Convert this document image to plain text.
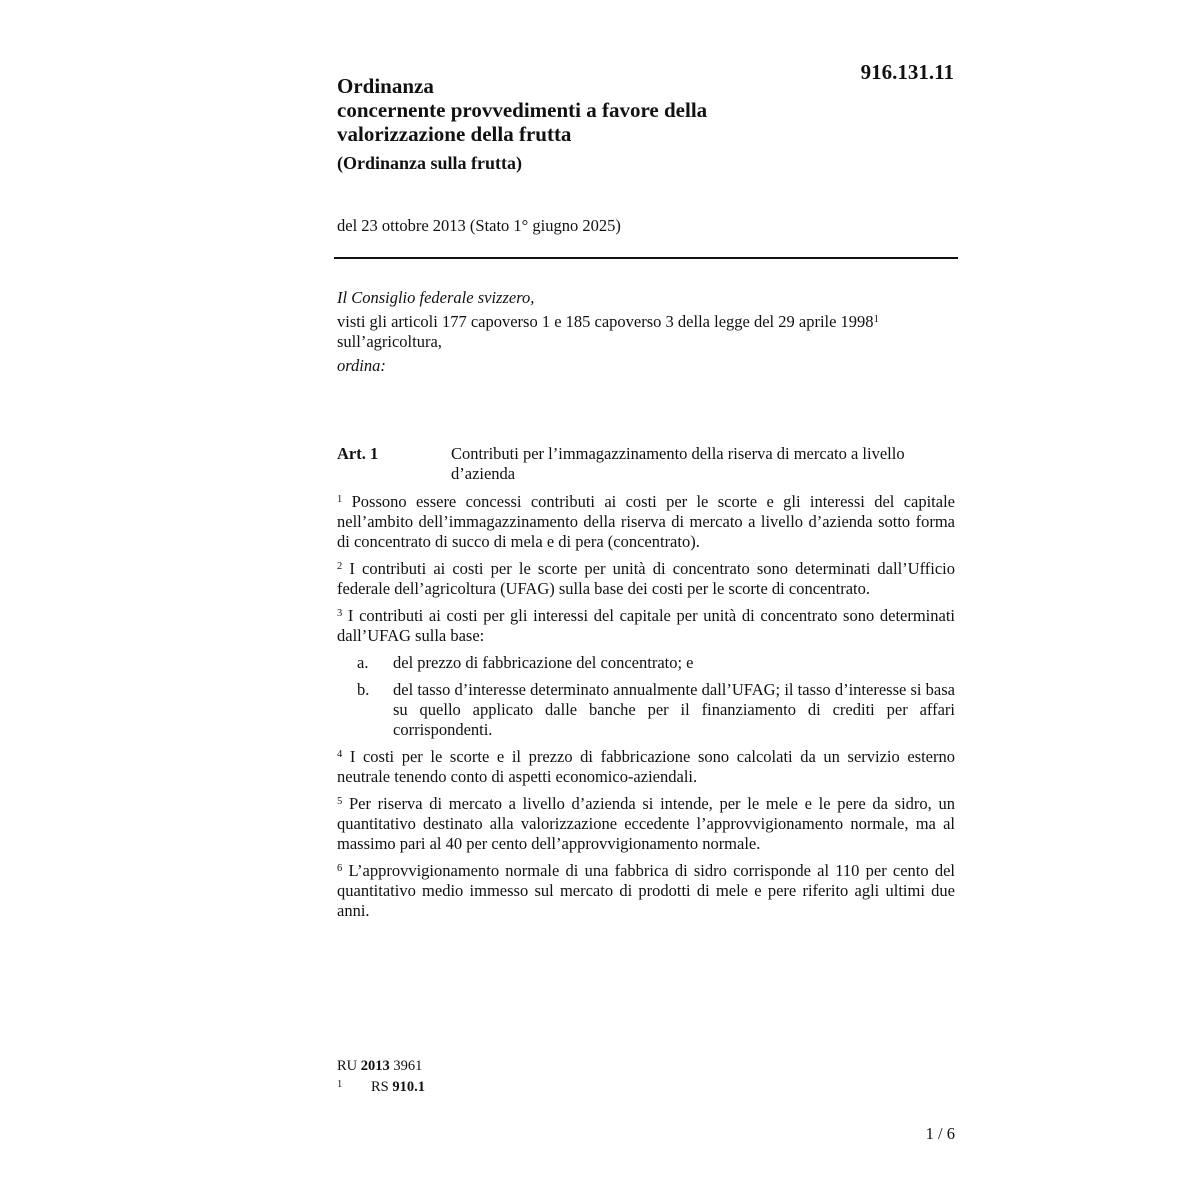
916.131.11

Ordinanza

concernente provvedimenti a favore della

valorizzazione della frutta

(Ordinanza sulla frutta)
del 23 ottobre 2013 (Stato 1° giugno 2025)

Il Consiglio federale svizzero,

visti gli articoli 177 capoverso 1 e 185 capoverso 3 della legge del 29 aprile 1998$^1$
sull’agricoltura,

ordina:

Art. 1	Contributi per l’immagazzinamento della riserva di mercato a livello d’azienda

$^1$ Possono essere concessi contributi ai costi per le scorte e gli interessi del capitale nell’ambito dell’immagazzinamento della riserva di mercato a livello d’azienda sotto forma di concentrato di succo di mela e di pera (concentrato).

$^2$ I contributi ai costi per le scorte per unità di concentrato sono determinati dall’Ufficio federale dell’agricoltura (UFAG) sulla base dei costi per le scorte di concentrato.

$^3$ I contributi ai costi per gli interessi del capitale per unità di concentrato sono determinati dall’UFAG sulla base:

a.	del prezzo di fabbricazione del concentrato; e
b.	del tasso d’interesse determinato annualmente dall’UFAG; il tasso d’interesse si basa su quello applicato dalle banche per il finanziamento di crediti per affari corrispondenti.

$^4$ I costi per le scorte e il prezzo di fabbricazione sono calcolati da un servizio esterno neutrale tenendo conto di aspetti economico-aziendali.

$^5$ Per riserva di mercato a livello d’azienda si intende, per le mele e le pere da sidro, un quantitativo destinato alla valorizzazione eccedente l’approvvigionamento normale, ma al massimo pari al 40 per cento dell’approvvigionamento normale.

$^6$ L’approvvigionamento normale di una fabbrica di sidro corrisponde al 110 per cento del quantitativo medio immesso sul mercato di prodotti di mele e pere riferito agli ultimi due anni.

RU 2013 3961
1	RS 910.1
1 / 6
